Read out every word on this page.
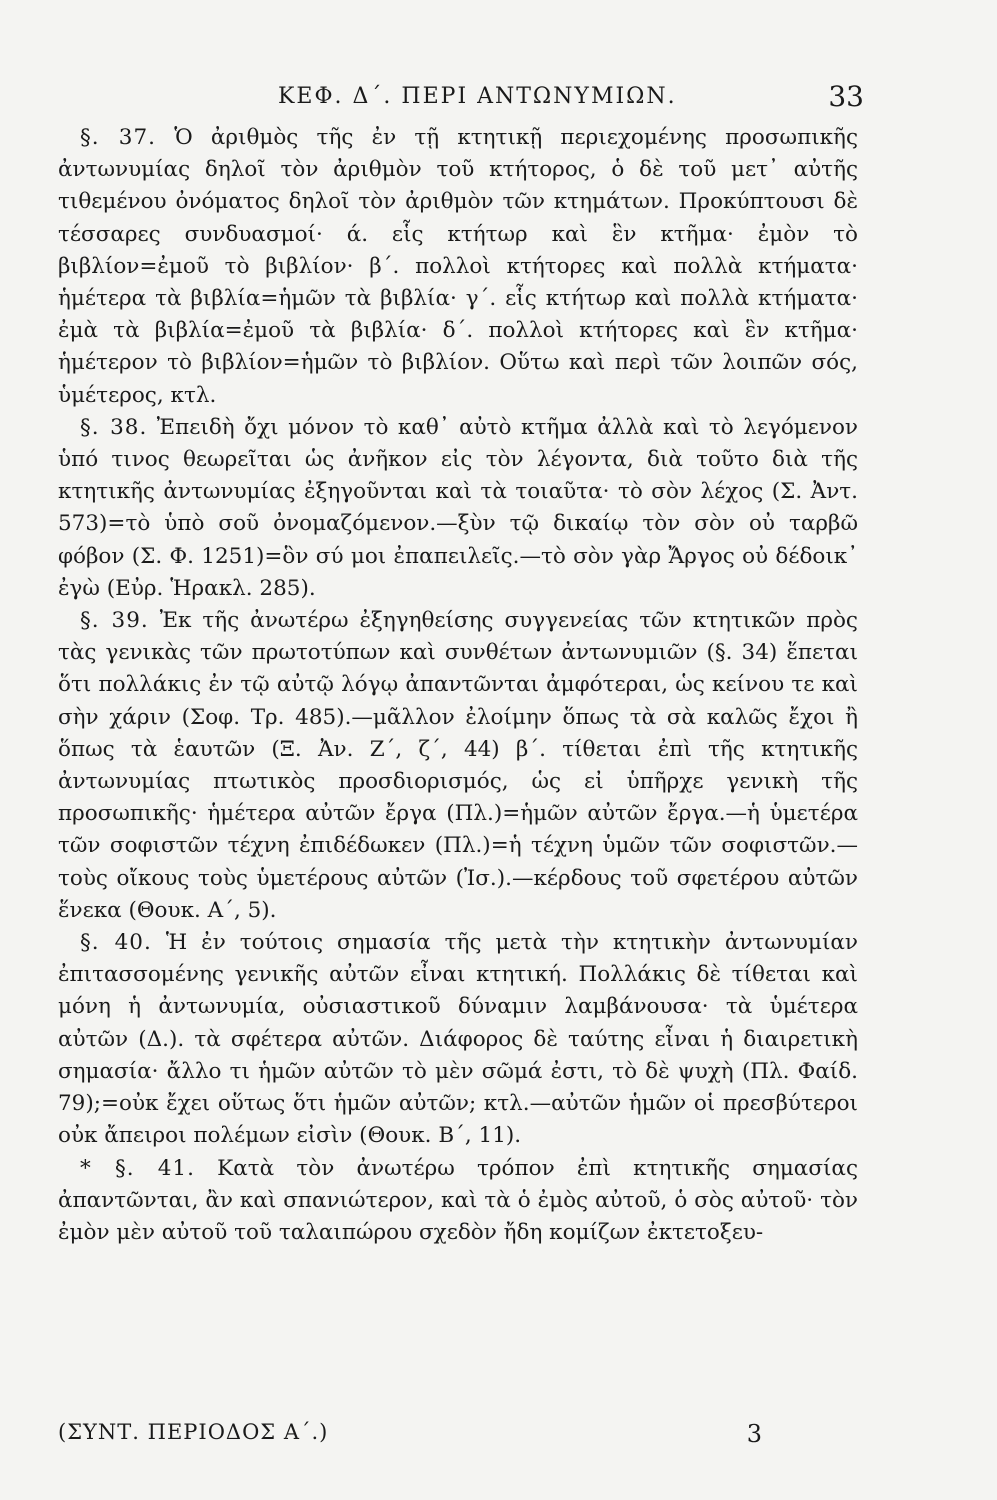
ΚΕΦ. Δ΄. ΠΕΡΙ ΑΝΤΩΝΥΜΙΩΝ.	33

§. 37. Ὁ ἀριθμὸς τῆς ἐν τῇ κτητικῇ περιεχομένης προσωπικῆς ἀντωνυμίας δηλοῖ τὸν ἀριθμὸν τοῦ κτήτορος, ὁ δὲ τοῦ μετ᾽ αὐτῆς τιθεμένου ὀνόματος δηλοῖ τὸν ἀριθμὸν τῶν κτημάτων. Προκύπτουσι δὲ τέσσαρες συνδυασμοί· ά. εἷς κτήτωρ καὶ ἓν κτῆμα· ἐμὸν τὸ βιβλίον=ἐμοῦ τὸ βιβλίον· β΄. πολλοὶ κτήτορες καὶ πολλὰ κτήματα· ἡμέτερα τὰ βιβλία=ἡμῶν τὰ βιβλία· γ΄. εἷς κτήτωρ καὶ πολλὰ κτήματα· ἐμὰ τὰ βιβλία=ἐμοῦ τὰ βιβλία· δ΄. πολλοὶ κτήτορες καὶ ἓν κτῆμα· ἡμέτερον τὸ βιβλίον=ἡμῶν τὸ βιβλίον. Οὕτω καὶ περὶ τῶν λοιπῶν σός, ὑμέτερος, κτλ.

§. 38. Ἐπειδὴ ὄχι μόνον τὸ καθ᾽ αὐτὸ κτῆμα ἀλλὰ καὶ τὸ λεγόμενον ὑπό τινος θεωρεῖται ὡς ἀνῆκον εἰς τὸν λέγοντα, διὰ τοῦτο διὰ τῆς κτητικῆς ἀντωνυμίας ἐξηγοῦνται καὶ τὰ τοιαῦτα· τὸ σὸν λέχος (Σ. Ἀντ. 573)=τὸ ὑπὸ σοῦ ὀνομαζόμενον.—ξὺν τῷ δικαίῳ τὸν σὸν οὐ ταρβῶ φόβον (Σ. Φ. 1251)=ὃν σύ μοι ἐπαπειλεῖς.—τὸ σὸν γὰρ Ἄργος οὐ δέδοικ᾽ ἐγὼ (Εὐρ. Ἡρακλ. 285).

§. 39. Ἐκ τῆς ἀνωτέρω ἐξηγηθείσης συγγενείας τῶν κτητικῶν πρὸς τὰς γενικὰς τῶν πρωτοτύπων καὶ συνθέτων ἀντωνυμιῶν (§. 34) ἕπεται ὅτι πολλάκις ἐν τῷ αὐτῷ λόγῳ ἀπαντῶνται ἀμφότεραι, ὡς κείνου τε καὶ σὴν χάριν (Σοφ. Τρ. 485).—μᾶλλον ἐλοίμην ὅπως τὰ σὰ καλῶς ἔχοι ἢ ὅπως τὰ ἑαυτῶν (Ξ. Ἀν. Ζ΄, ζ΄, 44) β΄. τίθεται ἐπὶ τῆς κτητικῆς ἀντωνυμίας πτωτικὸς προσδιορισμός, ὡς εἰ ὑπῆρχε γενικὴ τῆς προσωπικῆς· ἡμέτερα αὐτῶν ἔργα (Πλ.)=ἡμῶν αὐτῶν ἔργα.—ἡ ὑμετέρα τῶν σοφιστῶν τέχνη ἐπιδέδωκεν (Πλ.)=ἡ τέχνη ὑμῶν τῶν σοφιστῶν.—τοὺς οἴκους τοὺς ὑμετέρους αὐτῶν (Ἰσ.).—κέρδους τοῦ σφετέρου αὐτῶν ἕνεκα (Θουκ. Α΄, 5).

§. 40. Ἡ ἐν τούτοις σημασία τῆς μετὰ τὴν κτητικὴν ἀντωνυμίαν ἐπιτασσομένης γενικῆς αὐτῶν εἶναι κτητική. Πολλάκις δὲ τίθεται καὶ μόνη ἡ ἀντωνυμία, οὐσιαστικοῦ δύναμιν λαμβάνουσα· τὰ ὑμέτερα αὐτῶν (Δ.). τὰ σφέτερα αὐτῶν. Διάφορος δὲ ταύτης εἶναι ἡ διαιρετικὴ σημασία· ἄλλο τι ἡμῶν αὐτῶν τὸ μὲν σῶμά ἐστι, τὸ δὲ ψυχὴ (Πλ. Φαίδ. 79);=οὐκ ἔχει οὕτως ὅτι ἡμῶν αὐτῶν; κτλ.—αὐτῶν ἡμῶν οἱ πρεσβύτεροι οὐκ ἄπειροι πολέμων εἰσὶν (Θουκ. Β΄, 11).

* §. 41. Κατὰ τὸν ἀνωτέρω τρόπον ἐπὶ κτητικῆς σημασίας ἀπαντῶνται, ἂν καὶ σπανιώτερον, καὶ τὰ ὁ ἐμὸς αὐτοῦ, ὁ σὸς αὐτοῦ· τὸν ἐμὸν μὲν αὐτοῦ τοῦ ταλαιπώρου σχεδὸν ἤδη κομίζων ἐκτετοξευ-

(ΣΥΝΤ. ΠΕΡΙΟΔΟΣ Α΄.)	3
